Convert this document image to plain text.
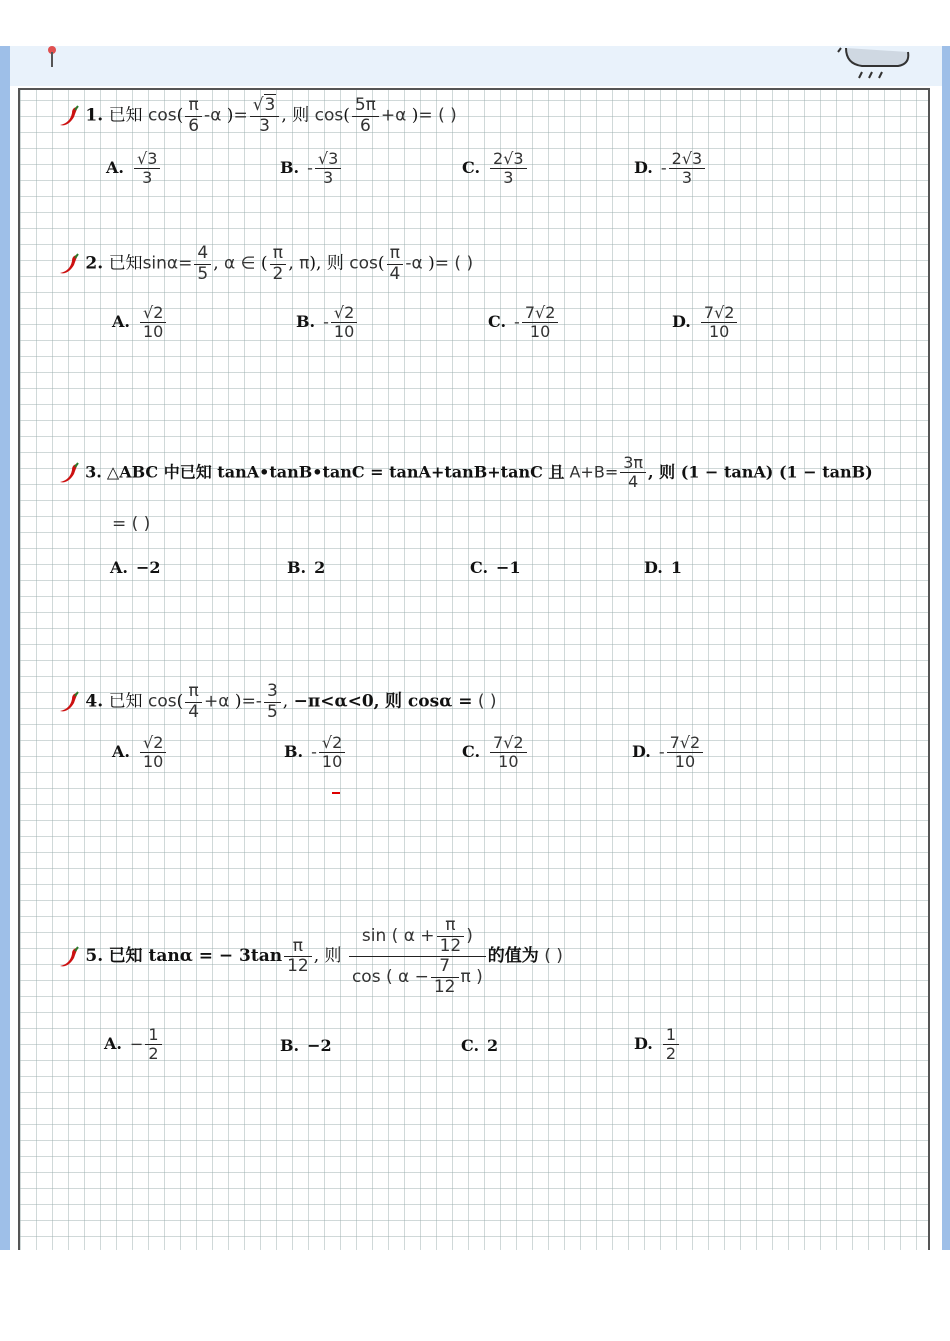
1. 已知 $\cos( \frac{\pi}{6} -\alpha$ )= $\frac{√3}{3}$ , 则 $\cos( \frac{5\pi}{6} +\alpha$ )= ( )
A. $\frac{√3}{3}$	B. - $\frac{√3}{3}$	C. $\frac{2√3}{3}$	D. - $\frac{2√3}{3}$
2. 已知$\sin\alpha= \frac{4}{5}$ , α ∈ ( $\frac{\pi}{2}$ , π), 则 $\cos( \frac{\pi}{4} -\alpha$ )= ( )
A. $\frac{√2}{10}$	B. - $\frac{√2}{10}$	C. - $\frac{7√2}{10}$	D. $\frac{7√2}{10}$
3. △ABC 中已知 tanA•tanB•tanC = tanA+tanB+tanC 且 $A+B= \frac{3\pi}{4}$ , 则 (1 − tanA) (1 − tanB)
= ( )
A. −2	B. 2	C. −1	D. 1
4. 已知 $\cos( \frac{\pi}{4} +\alpha$ )=- $\frac{3}{5}$ , −π<α<0, 则 cosα = ( )
A. $\frac{√2}{10}$	B. - $\frac{√2}{10}$	C. $\frac{7√2}{10}$	D. - $\frac{7√2}{10}$
5. 已知 tanα = − $3\tan \frac{\pi}{12}$ , 则 $\frac{\sin ( \alpha + \frac{\pi}{12} )}{\cos ( \alpha - \frac{7}{12} \pi )}$ 的值为 ( )
A. − $\frac{1}{2}$	B. −2	C. 2	D. $\frac{1}{2}$
